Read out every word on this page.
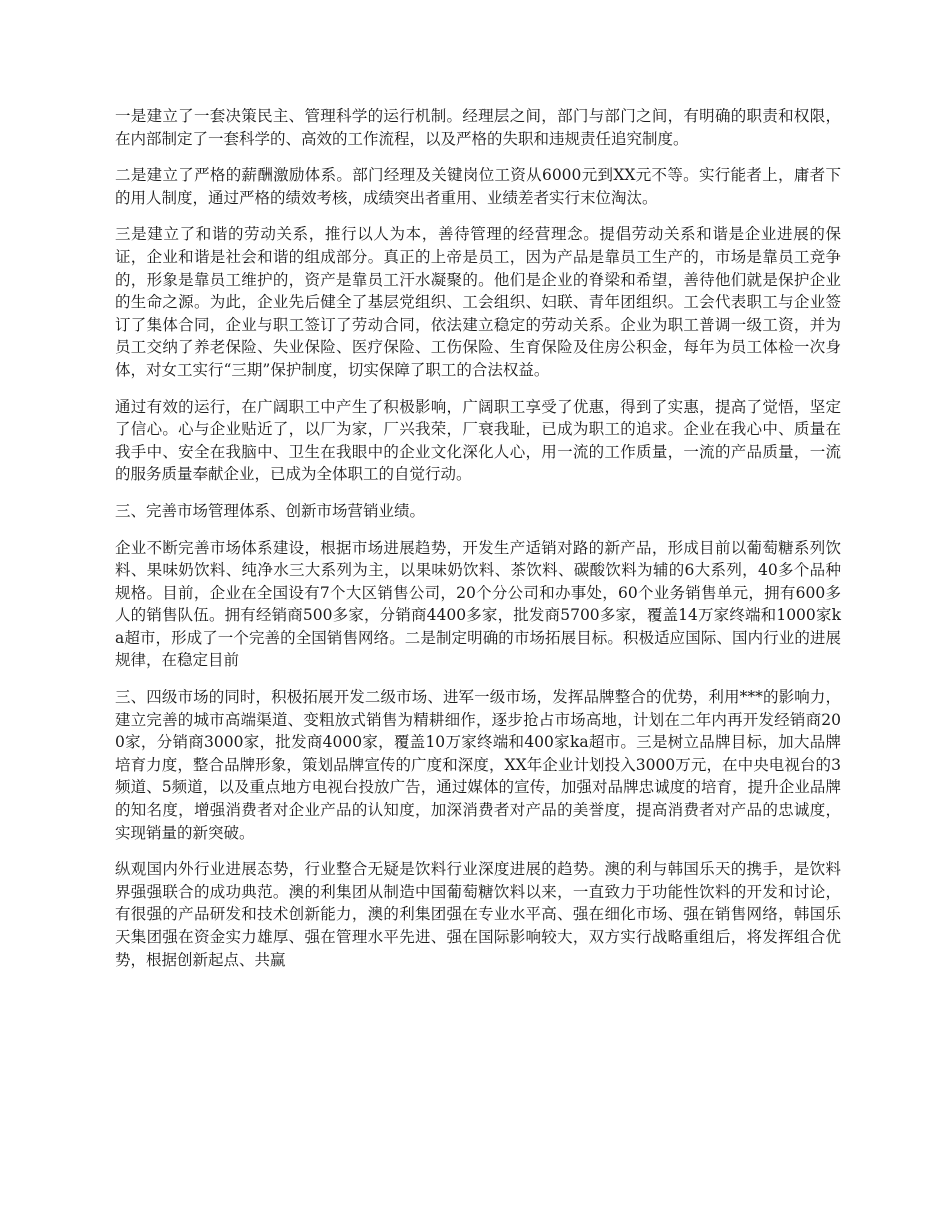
一是建立了一套决策民主、管理科学的运行机制。经理层之间，部门与部门之间，有明确的职责和权限，在内部制定了一套科学的、高效的工作流程，以及严格的失职和违规责任追究制度。

二是建立了严格的薪酬激励体系。部门经理及关键岗位工资从6000元到XX元不等。实行能者上，庸者下的用人制度，通过严格的绩效考核，成绩突出者重用、业绩差者实行末位淘汰。

三是建立了和谐的劳动关系，推行以人为本，善待管理的经营理念。提倡劳动关系和谐是企业进展的保证，企业和谐是社会和谐的组成部分。真正的上帝是员工，因为产品是靠员工生产的，市场是靠员工竞争的，形象是靠员工维护的，资产是靠员工汗水凝聚的。他们是企业的脊梁和希望，善待他们就是保护企业的生命之源。为此，企业先后健全了基层党组织、工会组织、妇联、青年团组织。工会代表职工与企业签订了集体合同，企业与职工签订了劳动合同，依法建立稳定的劳动关系。企业为职工普调一级工资，并为员工交纳了养老保险、失业保险、医疗保险、工伤保险、生育保险及住房公积金，每年为员工体检一次身体，对女工实行“三期”保护制度，切实保障了职工的合法权益。

通过有效的运行，在广阔职工中产生了积极影响，广阔职工享受了优惠，得到了实惠，提高了觉悟，坚定了信心。心与企业贴近了，以厂为家，厂兴我荣，厂衰我耻，已成为职工的追求。企业在我心中、质量在我手中、安全在我脑中、卫生在我眼中的企业文化深化人心，用一流的工作质量，一流的产品质量，一流的服务质量奉献企业，已成为全体职工的自觉行动。

三、完善市场管理体系、创新市场营销业绩。

企业不断完善市场体系建设，根据市场进展趋势，开发生产适销对路的新产品，形成目前以葡萄糖系列饮料、果味奶饮料、纯净水三大系列为主，以果味奶饮料、茶饮料、碳酸饮料为辅的6大系列，40多个品种规格。目前，企业在全国设有7个大区销售公司，20个分公司和办事处，60个业务销售单元，拥有600多人的销售队伍。拥有经销商500多家，分销商4400多家，批发商5700多家，覆盖14万家终端和1000家ka超市，形成了一个完善的全国销售网络。二是制定明确的市场拓展目标。积极适应国际、国内行业的进展规律，在稳定目前

三、四级市场的同时，积极拓展开发二级市场、进军一级市场，发挥品牌整合的优势，利用***的影响力，建立完善的城市高端渠道、变粗放式销售为精耕细作，逐步抢占市场高地，计划在二年内再开发经销商200家，分销商3000家，批发商4000家，覆盖10万家终端和400家ka超市。三是树立品牌目标，加大品牌培育力度，整合品牌形象，策划品牌宣传的广度和深度，XX年企业计划投入3000万元，在中央电视台的3频道、5频道，以及重点地方电视台投放广告，通过媒体的宣传，加强对品牌忠诚度的培育，提升企业品牌的知名度，增强消费者对企业产品的认知度，加深消费者对产品的美誉度，提高消费者对产品的忠诚度，实现销量的新突破。

纵观国内外行业进展态势，行业整合无疑是饮料行业深度进展的趋势。澳的利与韩国乐天的携手，是饮料界强强联合的成功典范。澳的利集团从制造中国葡萄糖饮料以来，一直致力于功能性饮料的开发和讨论，有很强的产品研发和技术创新能力，澳的利集团强在专业水平高、强在细化市场、强在销售网络，韩国乐天集团强在资金实力雄厚、强在管理水平先进、强在国际影响较大，双方实行战略重组后，将发挥组合优势，根据创新起点、共赢
